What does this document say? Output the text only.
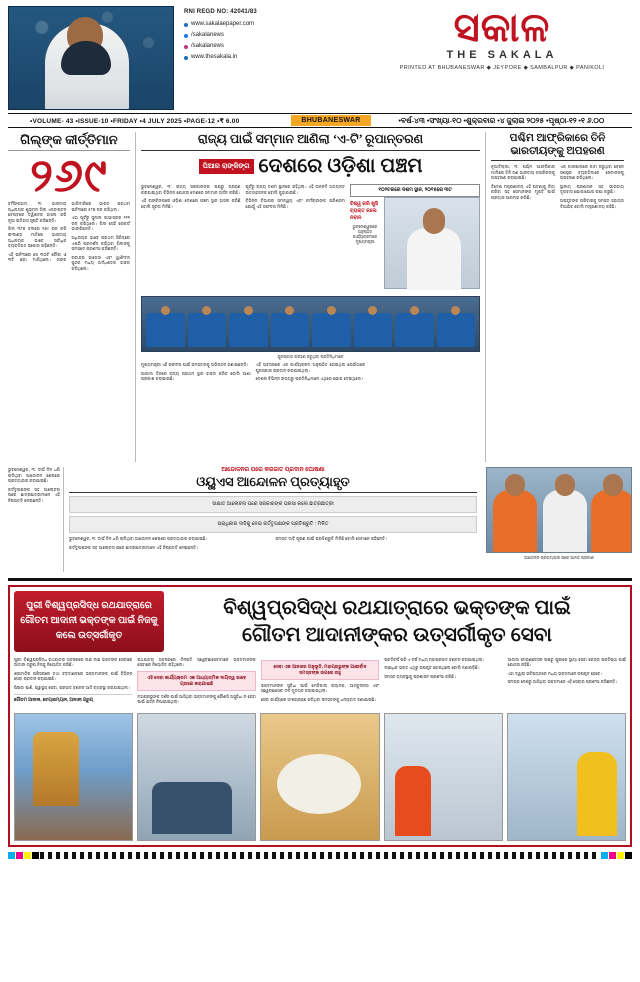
RNI REGD NO: 42041/83
www.sakalaepaper.com
/sakalanews
/sakalanews
www.thesakala.in
ସକାଳ
THE SAKALA
PRINTED AT BHUBANESWAR ◆ JEYPORE ◆ SAMBALPUR ◆ PANIKOLI
•VOLUME- 43 •ISSUE-10 •FRIDAY •4 JULY 2025 •PAGE-12 •₹ 6.00	BHUBANESWAR	•ବର୍ଷ-୪୩ •ସଂଖ୍ୟା-୧୦ •ଶୁକ୍ରବାର •୪ ଜୁଲାଇ ୨୦୨୫ •ପୃଷ୍ଠା-୧୨ •୧ ୬.୦୦
ଗିଲ୍‌ଙ୍କ କୀର୍ତ୍ତିମାନ
୨୬୯

ବର୍ମିଙ୍ଗହାମ, ୩: ଭାରତୀୟ ଅଧିନାୟକ ଶୁଭମନ ଗିଲ ଏଜ୍‌ବାଷ୍ଟନ ଟେଷ୍ଟରେ ଦ୍ୱିଶତକ ହାସଲ କରି ନୂଆ ଇତିହାସ ସୃଷ୍ଟି କରିଛନ୍ତି।

ଗିଲ ୩୮୭ ବଲରେ ୨୬୯ ରନ୍ କରି ଇଂଲଣ୍ଡ ମାଟିରେ ଭାରତୀୟ ଅଧିନାୟକ ଭାବେ ସର୍ବାଧିକ ବ୍ୟକ୍ତିଗତ ସ୍କୋର ଗଢ଼ିଛନ୍ତି।

ଏହି ଇନିଂସରେ ସେ ୩୦ଟି ଚୌକା ଓ ୩ଟି ଛକା ମାରିଥିଲେ। ତାଙ୍କ ଭାଗିଦାରିରେ ଭାରତ ପ୍ରଥମ ଇନିଂସରେ ୫୮୭ ରନ୍ କରିଥିଲା।

ଏହା ପୂର୍ବରୁ ସୁନୀଲ ଗାଭାସ୍କର ୨୨୧ ରନ୍ କରିଥିଲେ। ଗିଲ ସେହି ରେକର୍ଡ ଭାଙ୍ଗିଛନ୍ତି।

ଅଧିନାୟକ ଭାବେ ପ୍ରଥମ ସିରିଜ୍‌ରେ ଏପରି ପ୍ରଦର୍ଶନ କରିଥିବା ଗିଲଙ୍କୁ ସମସ୍ତେ ପ୍ରଶଂସା କରିଛନ୍ତି।

ରବୀନ୍ଦ୍ର ଜାଡେଜା ଏବଂ ୱାଶିଂଟନ୍ ସୁନ୍ଦର ମଧ୍ୟ ଅର୍ଦ୍ଧଶତକ ହାସଲ କରିଥିଲେ।

ରାଜ୍ୟ ପାଇଁ ସମ୍ମାନ ଆଣିଲା ‘ଏ-ଟି’ ରୂପାନ୍ତରଣ
ପିଆର ରାଙ୍କିଙ୍ଗ ଦେଶରେ ଓଡ଼ିଶା ପଞ୍ଚମ

ଭୁବନେଶ୍ୱର, ୩: ରାଜ୍ୟ ସରକାରଙ୍କ ପକ୍ଷରୁ ଗ୍ରହଣ କରାଯାଇଥିବା ବିଭିନ୍ନ ଯୋଜନା ଦେଶରେ ସମ୍ମାନ ଅର୍ଜନ କରିଛି।

ଏହି ରାଙ୍କିଙ୍ଗରେ ଓଡ଼ିଶା ଦେଶରେ ପଞ୍ଚମ ସ୍ଥାନ ହାସଲ କରିଛି ବୋଲି ସୂଚନା ମିଳିଛି।

ପୂର୍ବରୁ ରାଜ୍ୟ ଦଶମ ସ୍ଥାନରେ ରହିଥିଲା। ଏହି ଉନ୍ନତି ଅତ୍ୟନ୍ତ ଉତ୍ସାହଜନକ ବୋଲି କୁହାଯାଉଛି।

ବିଭିନ୍ନ ବିଭାଗର ସମନ୍ୱୟ ଏବଂ କର୍ମଚାରୀଙ୍କ ପରିଶ୍ରମ ଯୋଗୁଁ ଏହି ସଫଳତା ମିଳିଛି।

୧୦୨ଟକରେ ଦଶମ ସ୍ଥାନ, ୨୦୧୫ରେ ୩ଟ
ବିଶ୍ୱ କରି ଖୁସି ବ୍ୟକ୍ତ କଲେ ନବୀନ
ଭୁବନେଶ୍ୱରରେ ଅନୁଷ୍ଠିତ କାର୍ଯ୍ୟକ୍ରମରେ ମୁଖ୍ୟମନ୍ତ୍ରୀ
ପୁରସ୍କାର ଗ୍ରହଣ କରୁଥିବା ପ୍ରତିନିଧିମାନେ

ମୁଖ୍ୟମନ୍ତ୍ରୀ ଏହି ସଫଳତା ପାଇଁ ସମସ୍ତଙ୍କୁ ଅଭିନନ୍ଦନ ଜଣାଇଛନ୍ତି।

ଆଗାମୀ ଦିନରେ ରାଜ୍ୟ ପ୍ରଥମ ସ୍ଥାନ ହାସଲ କରିବ ବୋଲି ଆଶା ପ୍ରକାଶ କରାଯାଇଛି।

ଏହି ଅବସରରେ ଏକ କାର୍ଯ୍ୟକ୍ରମ ଅନୁଷ୍ଠିତ ହୋଇଥିଲା ଯେଉଁଠାରେ ପୁରସ୍କାର ପ୍ରଦାନ କରାଯାଇଥିଲା।

ଦେଶର ବିଭିନ୍ନ ରାଜ୍ୟରୁ ପ୍ରତିନିଧିମାନେ ଏଥିରେ ଯୋଗ ଦେଇଥିଲେ।

ପଶ୍ଚିମ ଆଫ୍ରିକାରେ ତିନି ଭାରତୀୟଙ୍କୁ ଅପହରଣ

ନୂଆଦିଲ୍ଲୀ, ୩: ପଶ୍ଚିମ ଆଫ୍ରିକାର ମାଲିରେ ତିନି ଜଣ ଭାରତୀୟ ନାଗରିକଙ୍କୁ ଅପହରଣ କରାଯାଇଛି।

ବିଦେଶ ମନ୍ତ୍ରଣାଳୟ ଏହି ଘଟଣାକୁ ନିନ୍ଦା କରିବା ସହ ସେମାନଙ୍କ ମୁକ୍ତି ପାଇଁ ପ୍ରୟାସ ଆରମ୍ଭ କରିଛି।

ଏକ କାରଖାନାରେ କାମ କରୁଥିବା ବେଳେ ସଶସ୍ତ୍ର ବ୍ୟକ୍ତିମାନେ ସେମାନଙ୍କୁ ଅପହରଣ କରିଥିଲେ।

ସ୍ଥାନୀୟ ପ୍ରଶାସନ ସହ ଭାରତୀୟ ଦୂତାବାସ ଯୋଗାଯୋଗ ରକ୍ଷା କରୁଛି।

ଅପହୃତଙ୍କ ପରିବାରକୁ ସମସ୍ତ ସହାୟତା ଦିଆଯିବ ବୋଲି ମନ୍ତ୍ରଣାଳୟ କହିଛି।

ଭୁବନେଶ୍ୱର, ୩: ଦୀର୍ଘ ଦିନ ଧରି ଚାଲିଥିବା ଆନ୍ଦୋଳନ ଶେଷରେ ପ୍ରତ୍ୟାହାର କରାଯାଇଛି।

କର୍ତ୍ତୃପକ୍ଷଙ୍କ ସହ ଆଲୋଚନା ପରେ ଛାତ୍ରଛାତ୍ରୀମାନେ ଏହି ନିଷ୍ପତ୍ତି ନେଇଛନ୍ତି।

ଆନ୍ଦୋଳନର ପରେ କରଜାତ ପ୍ରଦାନ ଘୋଷଣା
ଓୟୁଏସ ଆନ୍ଦୋଳନ ପ୍ରତ୍ୟାହୃତ
ସାକ୍ଷାତ ଆଲୋଚନା ପରେ ସରକାରଙ୍କ ଭରସା କଲେ ଛାତ୍ରଛାତ୍ରୀ
ପ୍ରାଧିକାର ଦାବିକୁ ନେଇ କର୍ତ୍ତୃପକ୍ଷଙ୍କ ପ୍ରତିଶ୍ରୁତି : ମିଳିତ

ଭୁବନେଶ୍ୱର, ୩: ଦୀର୍ଘ ଦିନ ଧରି ଚାଲିଥିବା ଆନ୍ଦୋଳନ ଶେଷରେ ପ୍ରତ୍ୟାହାର କରାଯାଇଛି।

କର୍ତ୍ତୃପକ୍ଷଙ୍କ ସହ ଆଲୋଚନା ପରେ ଛାତ୍ରଛାତ୍ରୀମାନେ ଏହି ନିଷ୍ପତ୍ତି ନେଇଛନ୍ତି।

ସମସ୍ତ ଦାବି ପୂରଣ ପାଇଁ ପ୍ରତିଶ୍ରୁତି ମିଳିଛି ବୋଲି ସେମାନେ କହିଛନ୍ତି।

ଆନ୍ଦୋଳନ ପ୍ରତ୍ୟାହାର ପରେ ଆନନ୍ଦ ପ୍ରକାଶ
ପୁରୀ ବିଶ୍ୱପ୍ରସିଦ୍ଧ ରଥଯାତ୍ରାରେ ଗୌତମ ଆଦାନୀ ଭକ୍ତଙ୍କ ପାଇଁ ନିଜକୁ କଲେ ଉତ୍ସର୍ଗୀକୃତ
ବିଶ୍ୱପ୍ରସିଦ୍ଧ ରଥଯାତ୍ରାରେ ଭକ୍ତଙ୍କ ପାଇଁ
ଗୌତମ ଆଦାନୀଙ୍କର ଉତ୍ସର୍ଗୀକୃତ ସେବା

ପୁରୀ: ବିଶ୍ୱପ୍ରସିଦ୍ଧ ରଥଯାତ୍ରା ଅବସରରେ ଲକ୍ଷ ଲକ୍ଷ ଭକ୍ତଙ୍କ ସେବାରେ ଆଦାନୀ ଗ୍ରୁପ୍ ନିଜକୁ ନିୟୋଜିତ କରିଛି।

ଶ୍ରୀମନ୍ଦିର ପରିସରରେ ତଥା ବଡ଼ଦାଣ୍ଡରେ ଭକ୍ତମାନଙ୍କ ପାଇଁ ବିଭିନ୍ନ ସେବା ପ୍ରଦାନ କରାଯାଇଛି।

ପିଇବା ପାଣି, ସ୍ୱାସ୍ଥ୍ୟ ସେବା, ପ୍ରସାଦ ବଣ୍ଟନ ଆଦି ବ୍ୟବସ୍ଥା କରାଯାଇଥିଲା।

ଗୌତମ ଆଦାନୀ, ଚେୟାରମ୍ୟାନ, ଆଦାନୀ ଗ୍ରୁପ୍

ରଥଯାତ୍ରା ଅବସରରେ ଦିନରାତି ସ୍ୱେଚ୍ଛାସେବୀମାନେ ଭକ୍ତମାନଙ୍କ ସେବାରେ ନିୟୋଜିତ ରହିଥିଲେ।

ଏହି ସେବା କାର୍ଯ୍ୟକ୍ରମ ଏକ ଆଧ୍ୟାତ୍ମିକ ଦାୟିତ୍ୱ ଭାବେ ଗ୍ରହଣ କରାଯାଇଛି

ମହାପ୍ରଭୁଙ୍କ ଦର୍ଶନ ପାଇଁ ଆସିଥିବା ଭକ୍ତମାନଙ୍କୁ କୌଣସି ଅସୁବିଧା ନ ହେବା ପାଇଁ ଯତ୍ନ ନିଆଯାଇଥିଲା।

ସେବା ଏକ ଆନନ୍ଦର ଅନୁଭୂତି, ମହାପ୍ରଭୁଙ୍କ ଆଶୀର୍ବାଦ ସମସ୍ତଙ୍କ ଉପରେ ରହୁ

ଭକ୍ତମାନଙ୍କ ସୁବିଧା ପାଇଁ ମେଡିକାଲ୍ କ୍ୟାମ୍ପ, ଆମ୍ବୁଲାନ୍ସ ଏବଂ ସ୍ୱେଚ୍ଛାସେବୀ ଦଳ ମୁତୟନ କରାଯାଇଥିଲା।

ସେବା କାର୍ଯ୍ୟରେ ଅଂଶଗ୍ରହଣ କରିଥିବା ସମସ୍ତଙ୍କୁ ଧନ୍ୟବାଦ ଜଣାଯାଇଛି।

ପ୍ରତିବର୍ଷ ପରି ଏ ବର୍ଷ ମଧ୍ୟ ମହାପ୍ରସାଦ ବଣ୍ଟନ କରାଯାଇଥିଲା।

ଲକ୍ଷାଧିକ ଭକ୍ତ ଏଥିରୁ ଉପକୃତ ହୋଇଥିଲେ ବୋଲି ଜଣାପଡ଼ିଛି।

ସମସ୍ତ ବ୍ୟବସ୍ଥାକୁ ପ୍ରଶାସନ ପ୍ରଶଂସା କରିଛି।

ଆଦାନୀ ଫାଉଣ୍ଡେସନ ପକ୍ଷରୁ ପୁରୀରେ ସ୍ଥାୟୀ ସେବା କେନ୍ଦ୍ର ପ୍ରତିଷ୍ଠା ପାଇଁ ଯୋଜନା ରହିଛି।

ଏହା ଦ୍ୱାରା ଭବିଷ୍ୟତରେ ମଧ୍ୟ ଭକ୍ତମାନେ ଉପକୃତ ହେବେ।

ସମଗ୍ର ଦେଶରୁ ଆସିଥିବା ଭକ୍ତମାନେ ଏହି ସେବାର ପ୍ରଶଂସା କରିଛନ୍ତି।
